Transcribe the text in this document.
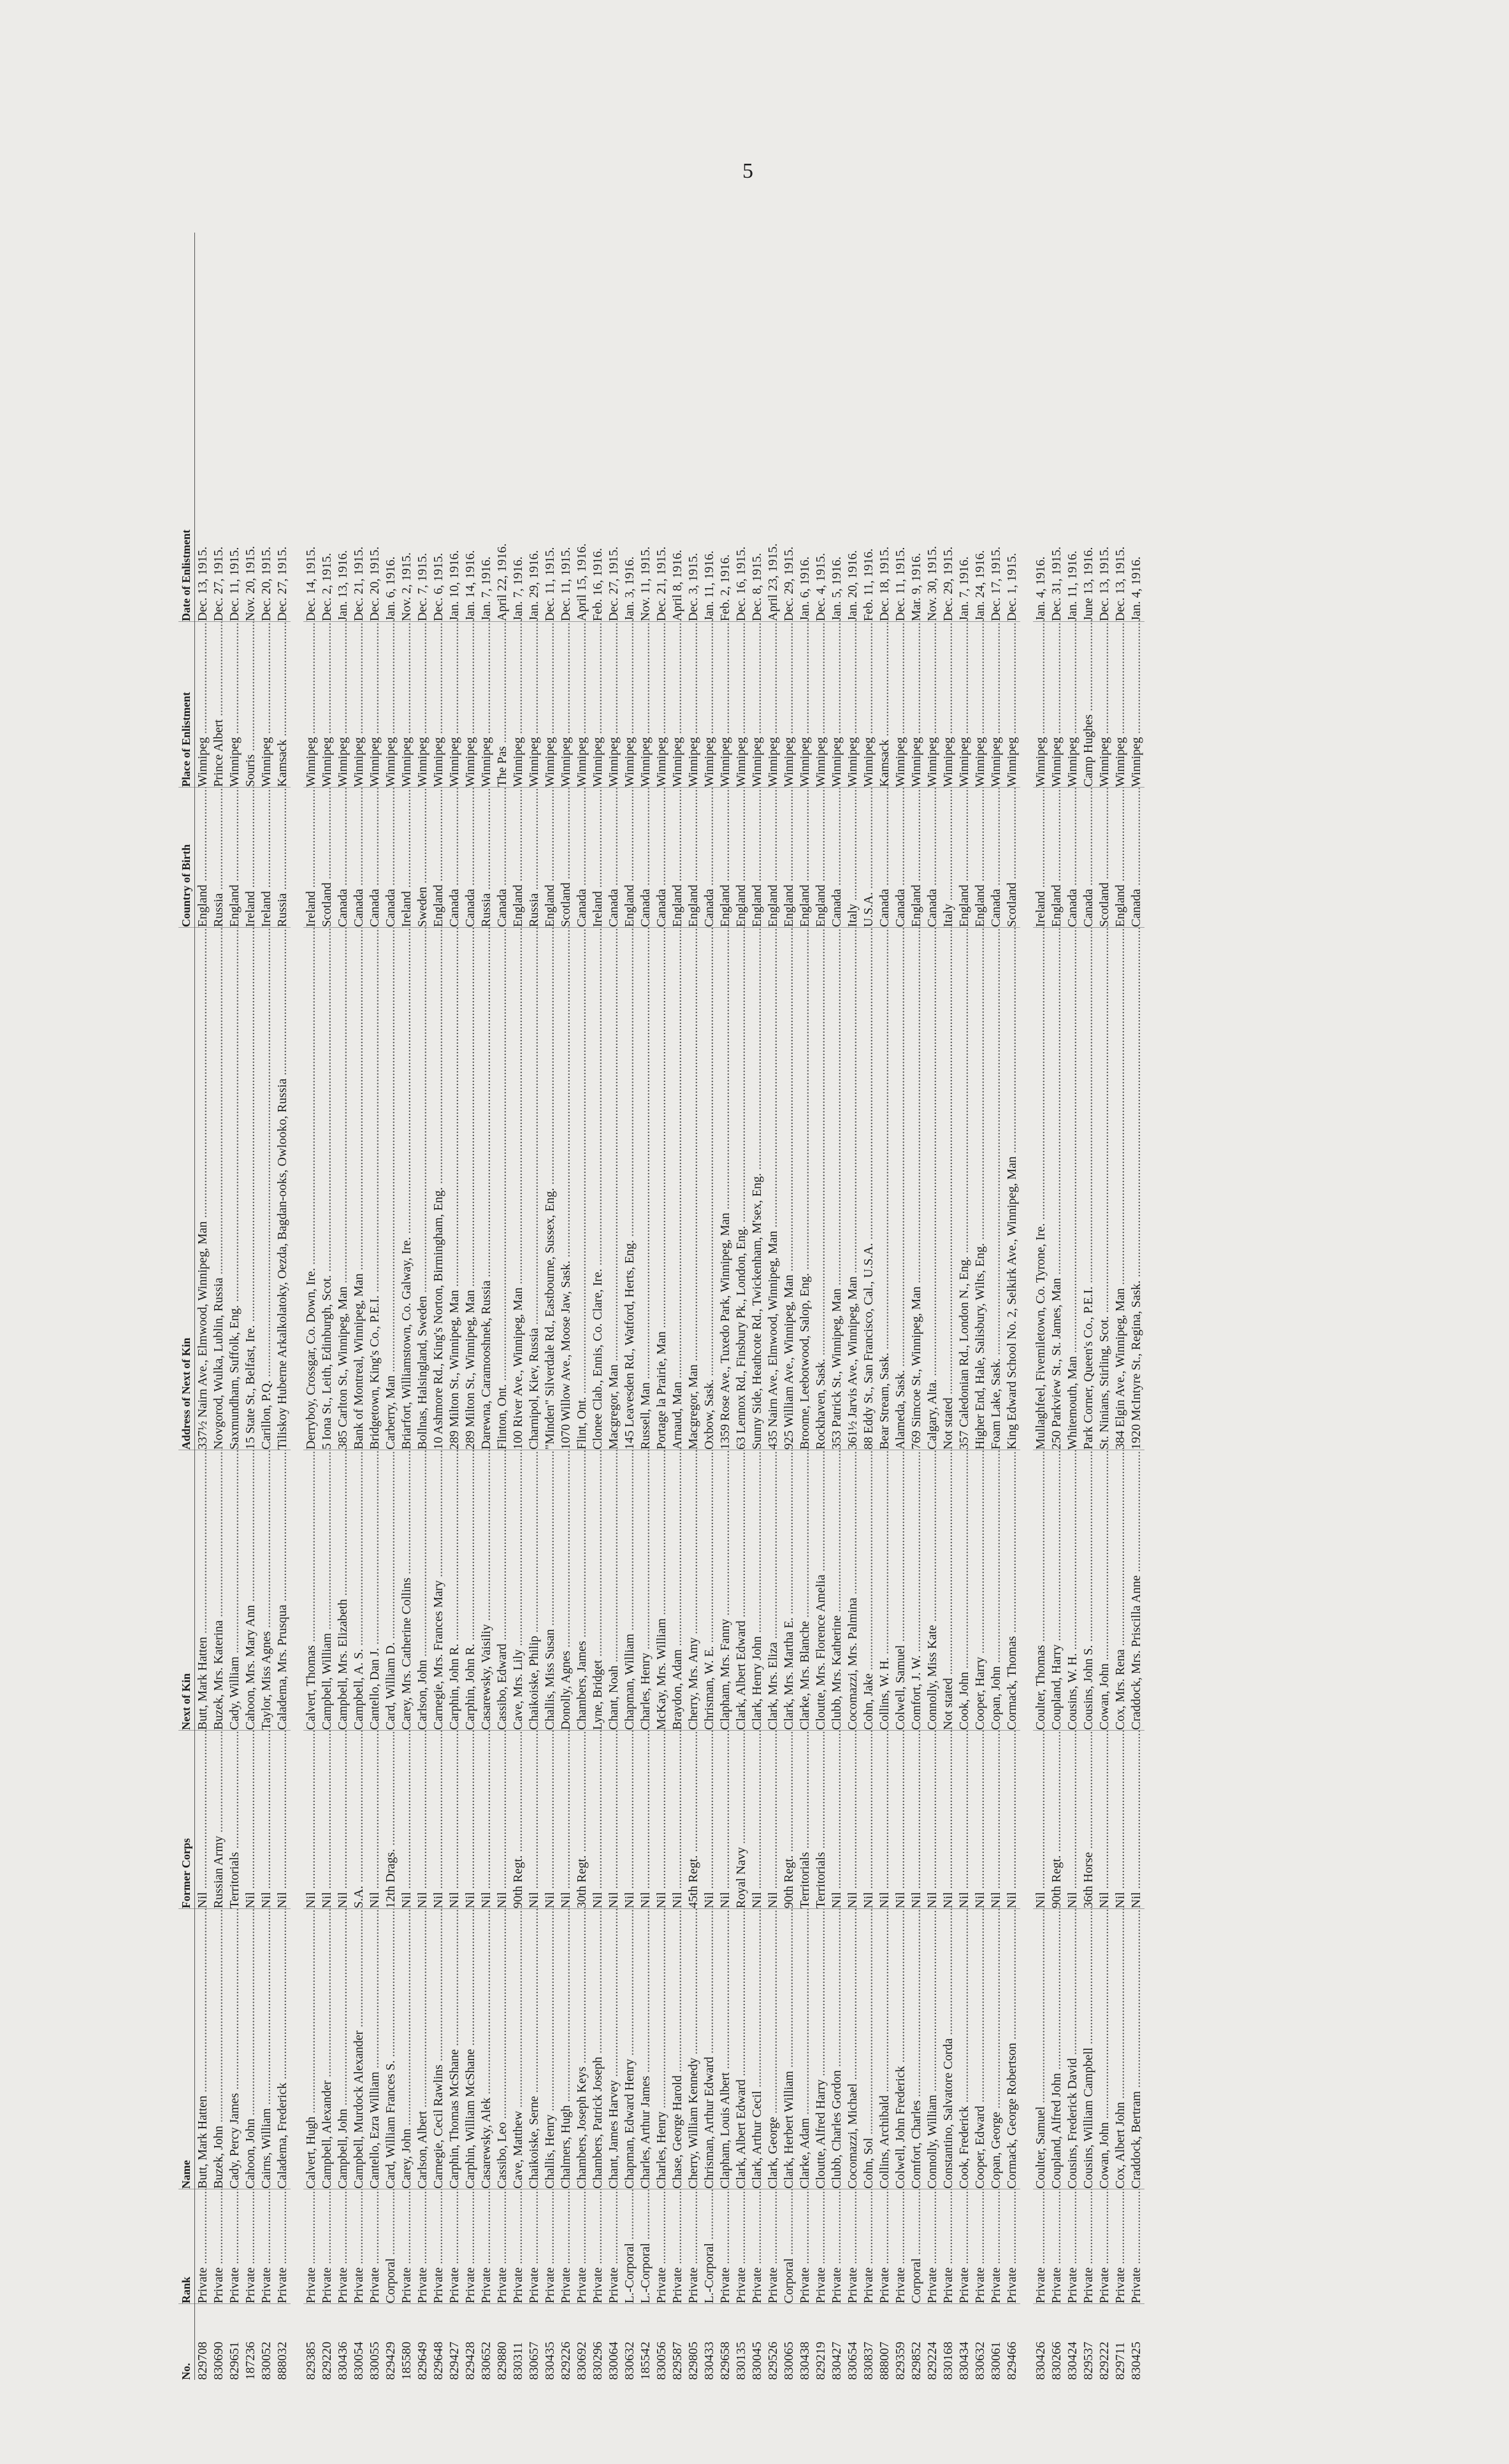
5
No.
Rank
Name
Former Corps
Next of Kin
Address of Next of Kin
Country of Birth
Place of Enlistment
Date of Enlistment
829708
Private .....
Butt, Mark Hatten .....
Nil .....
Butt, Mark Hatten .....
337½ Nairn Ave., Elmwood, Winnipeg, Man .....
England .....
Winnipeg .....
Dec. 13, 1915.
830690
Private .....
Buzek, John .....
Russian Army .....
Buzek, Mrs. Katerina .....
Novgorod, Wulka, Lublin, Russia .....
Russia .....
Prince Albert .....
Dec. 27, 1915.
829651
Private .....
Cady, Percy James .....
Territorials .....
Cady, William .....
Saxmundham, Suffolk, Eng. .....
England .....
Winnipeg .....
Dec. 11, 1915.
187236
Private .....
Cahoon, John .....
Nil .....
Cahoon, Mrs. Mary Ann .....
15 State St., Belfast, Ire. .....
Ireland .....
Souris .....
Nov. 20, 1915.
830052
Private .....
Cairns, William .....
Nil .....
Taylor, Miss Agnes .....
Carillon, P.Q. .....
Ireland .....
Winnipeg .....
Dec. 20, 1915.
888032
Private .....
Caladema, Frederick .....
Nil .....
Caladema, Mrs. Prusqua .....
Tiliskoy Huberne Arkalkolatoky, Oezda, Bagdan-ooks, Owlooko, Russia .....
Russia .....
Kamsack .....
Dec. 27, 1915.
829385
Private .....
Calvert, Hugh .....
Nil .....
Calvert, Thomas .....
Derryboy, Crossgar, Co. Down, Ire. .....
Ireland .....
Winnipeg .....
Dec. 14, 1915.
829220
Private .....
Campbell, Alexander .....
Nil .....
Campbell, William .....
5 Iona St., Leith, Edinburgh, Scot. .....
Scotland .....
Winnipeg .....
Dec. 2, 1915.
830436
Private .....
Campbell, John .....
Nil .....
Campbell, Mrs. Elizabeth .....
385 Carlton St., Winnipeg, Man .....
Canada .....
Winnipeg .....
Jan. 13, 1916.
830054
Private .....
Campbell, Murdock Alexander .....
S.A. .....
Campbell, A. S. .....
Bank of Montreal, Winnipeg, Man .....
Canada .....
Winnipeg .....
Dec. 21, 1915.
830055
Private .....
Cantello, Ezra William .....
Nil .....
Cantello, Dan J. .....
Bridgetown, King's Co., P.E.I. .....
Canada .....
Winnipeg .....
Dec. 20, 1915.
829429
Corporal .....
Card, William Frances S. .....
12th Drags. .....
Card, William D. .....
Carberry, Man .....
Canada .....
Winnipeg .....
Jan. 6, 1916.
185580
Private .....
Carey, John .....
Nil .....
Carey, Mrs. Catherine Collins .....
Briarfort, Williamstown, Co. Galway, Ire. .....
Ireland .....
Winnipeg .....
Nov. 2, 1915.
829649
Private .....
Carlson, Albert .....
Nil .....
Carlson, John .....
Bollnas, Halsingland, Sweden .....
Sweden .....
Winnipeg .....
Dec. 7, 1915.
829648
Private .....
Carnegie, Cecil Rawlins .....
Nil .....
Carnegie, Mrs. Frances Mary .....
10 Ashmore Rd., King's Norton, Birmingham, Eng. .....
England .....
Winnipeg .....
Dec. 6, 1915.
829427
Private .....
Carphin, Thomas McShane .....
Nil .....
Carphin, John R. .....
289 Milton St., Winnipeg, Man .....
Canada .....
Winnipeg .....
Jan. 10, 1916.
829428
Private .....
Carphin, William McShane .....
Nil .....
Carphin, John R. .....
289 Milton St., Winnipeg, Man .....
Canada .....
Winnipeg .....
Jan. 14, 1916.
830652
Private .....
Casarewsky, Alek .....
Nil .....
Casarewsky, Vaisiliy .....
Darewna, Caramooshnek, Russia .....
Russia .....
Winnipeg .....
Jan. 7, 1916.
829880
Private .....
Cassibo, Leo .....
Nil .....
Cassibo, Edward .....
Flinton, Ont. .....
Canada .....
The Pas .....
April 22, 1916.
830311
Private .....
Cave, Matthew .....
90th Regt. .....
Cave, Mrs. Lily .....
100 River Ave., Winnipeg, Man .....
England .....
Winnipeg .....
Jan. 7, 1916.
830657
Private .....
Chaikoiske, Serne .....
Nil .....
Chaikoiske, Philip .....
Charnipol, Kiev, Russia .....
Russia .....
Winnipeg .....
Jan. 29, 1916.
830435
Private .....
Challis, Henry .....
Nil .....
Challis, Miss Susan .....
"Minden" Silverdale Rd., Eastbourne, Sussex, Eng. .....
England .....
Winnipeg .....
Dec. 11, 1915.
829226
Private .....
Chalmers, Hugh .....
Nil .....
Donolly, Agnes .....
1070 Willow Ave., Moose Jaw, Sask. .....
Scotland .....
Winnipeg .....
Dec. 11, 1915.
830692
Private .....
Chambers, Joseph Keys .....
30th Regt. .....
Chambers, James .....
Flint, Ont. .....
Canada .....
Winnipeg .....
April 15, 1916.
830296
Private .....
Chambers, Patrick Joseph .....
Nil .....
Lyne, Bridget .....
Clonee Clab., Ennis, Co. Clare, Ire. .....
Ireland .....
Winnipeg .....
Feb. 16, 1916.
830064
Private .....
Chant, James Harvey .....
Nil .....
Chant, Noah .....
Macgregor, Man .....
Canada .....
Winnipeg .....
Dec. 27, 1915.
830632
L.-Corporal .....
Chapman, Edward Henry .....
Nil .....
Chapman, William .....
145 Leavesden Rd., Watford, Herts, Eng. .....
England .....
Winnipeg .....
Jan. 3, 1916.
185542
L.-Corporal .....
Charles, Arthur James .....
Nil .....
Charles, Henry .....
Russell, Man .....
Canada .....
Winnipeg .....
Nov. 11, 1915.
830056
Private .....
Charles, Henry .....
Nil .....
McKay, Mrs. William .....
Portage la Prairie, Man .....
Canada .....
Winnipeg .....
Dec. 21, 1915.
829587
Private .....
Chase, George Harold .....
Nil .....
Braydon, Adam .....
Arnaud, Man .....
England .....
Winnipeg .....
April 8, 1916.
829805
Private .....
Cherry, William Kennedy .....
45th Regt. .....
Cherry, Mrs. Amy .....
Macgregor, Man .....
England .....
Winnipeg .....
Dec. 3, 1915.
830433
L.-Corporal .....
Chrisman, Arthur Edward .....
Nil .....
Chrisman, W. E. .....
Oxbow, Sask. .....
Canada .....
Winnipeg .....
Jan. 11, 1916.
829658
Private .....
Clapham, Louis Albert .....
Nil .....
Clapham, Mrs. Fanny .....
1359 Rose Ave., Tuxedo Park, Winnipeg, Man .....
England .....
Winnipeg .....
Feb. 2, 1916.
830135
Private .....
Clark, Albert Edward .....
Royal Navy .....
Clark, Albert Edward .....
63 Lennox Rd., Finsbury Pk., London, Eng. .....
England .....
Winnipeg .....
Dec. 16, 1915.
830045
Private .....
Clark, Arthur Cecil .....
Nil .....
Clark, Henry John .....
Sunny Side, Heathcote Rd., Twickenham, M'sex, Eng. .....
England .....
Winnipeg .....
Dec. 8, 1915.
829526
Private .....
Clark, George .....
Nil .....
Clark, Mrs. Eliza .....
435 Nairn Ave., Elmwood, Winnipeg, Man .....
England .....
Winnipeg .....
April 23, 1915.
830065
Corporal .....
Clark, Herbert William .....
90th Regt. .....
Clark, Mrs. Martha E. .....
925 William Ave., Winnipeg, Man .....
England .....
Winnipeg .....
Dec. 29, 1915.
830438
Private .....
Clarke, Adam .....
Territorials .....
Clarke, Mrs. Blanche .....
Broome, Leebotwood, Salop, Eng. .....
England .....
Winnipeg .....
Jan. 6, 1916.
829219
Private .....
Cloutte, Alfred Harry .....
Territorials .....
Cloutte, Mrs. Florence Amelia .....
Rockhaven, Sask. .....
England .....
Winnipeg .....
Dec. 4, 1915.
830427
Private .....
Clubb, Charles Gordon .....
Nil .....
Clubb, Mrs. Katherine .....
353 Patrick St., Winnipeg, Man .....
Canada .....
Winnipeg .....
Jan. 5, 1916.
830654
Private .....
Cocomazzi, Michael .....
Nil .....
Cocomazzi, Mrs. Palmina .....
361½ Jarvis Ave., Winnipeg, Man .....
Italy .....
Winnipeg .....
Jan. 20, 1916.
830837
Private .....
Cohn, Sol .....
Nil .....
Cohn, Jake .....
88 Eddy St., San Francisco, Cal., U.S.A. .....
U.S.A. .....
Winnipeg .....
Feb. 11, 1916.
888007
Private .....
Collins, Archibald .....
Nil .....
Collins, W. H. .....
Bear Stream, Sask. .....
Canada .....
Kamsack .....
Dec. 18, 1915.
829359
Private .....
Colwell, John Frederick .....
Nil .....
Colwell, Samuel .....
Alameda, Sask. .....
Canada .....
Winnipeg .....
Dec. 11, 1915.
829852
Corporal .....
Comfort, Charles .....
Nil .....
Comfort, J. W. .....
769 Simcoe St., Winnipeg, Man .....
England .....
Winnipeg .....
Mar. 9, 1916.
829224
Private .....
Connolly, William .....
Nil .....
Connolly, Miss Kate .....
Calgary, Alta. .....
Canada .....
Winnipeg .....
Nov. 30, 1915.
830168
Private .....
Constantino, Salvatore Corda .....
Nil .....
Not stated .....
Not stated .....
Italy .....
Winnipeg .....
Dec. 29, 1915.
830434
Private .....
Cook, Frederick .....
Nil .....
Cook, John .....
357 Caledonian Rd., London N., Eng. .....
England .....
Winnipeg .....
Jan. 7, 1916.
830632
Private .....
Cooper, Edward .....
Nil .....
Cooper, Harry .....
Higher End, Hale, Salisbury, Wilts, Eng. .....
England .....
Winnipeg .....
Jan. 24, 1916.
830061
Private .....
Copan, George .....
Nil .....
Copan, John .....
Foam Lake, Sask. .....
Canada .....
Winnipeg .....
Dec. 17, 1915.
829466
Private .....
Cormack, George Robertson .....
Nil .....
Cormack, Thomas .....
King Edward School No. 2, Selkirk Ave., Winnipeg, Man .....
Scotland .....
Winnipeg .....
Dec. 1, 1915.
830426
Private .....
Coulter, Samuel .....
Nil .....
Coulter, Thomas .....
Mullaghfeel, Fivemiletown, Co. Tyrone, Ire. .....
Ireland .....
Winnipeg .....
Jan. 4, 1916.
830266
Private .....
Coupland, Alfred John .....
90th Regt. .....
Coupland, Harry .....
250 Parkview St., St. James, Man .....
England .....
Winnipeg .....
Dec. 31, 1915.
830424
Private .....
Cousins, Frederick David .....
Nil .....
Cousins, W. H. .....
Whitemouth, Man .....
Canada .....
Winnipeg .....
Jan. 11, 1916.
829537
Private .....
Cousins, William Campbell .....
36th Horse .....
Cousins, John S. .....
Park Corner, Queen's Co., P.E.I. .....
Canada .....
Camp Hughes .....
June 13, 1916.
829222
Private .....
Cowan, John .....
Nil .....
Cowan, John .....
St. Ninians, Stirling, Scot. .....
Scotland .....
Winnipeg .....
Dec. 13, 1915.
829711
Private .....
Cox, Albert John .....
Nil .....
Cox, Mrs. Rena .....
384 Elgin Ave., Winnipeg, Man .....
England .....
Winnipeg .....
Dec. 13, 1915.
830425
Private .....
Craddock, Bertram .....
Nil .....
Craddock, Mrs. Priscilla Anne .....
1920 McIntyre St., Regina, Sask. .....
Canada .....
Winnipeg .....
Jan. 4, 1916.
